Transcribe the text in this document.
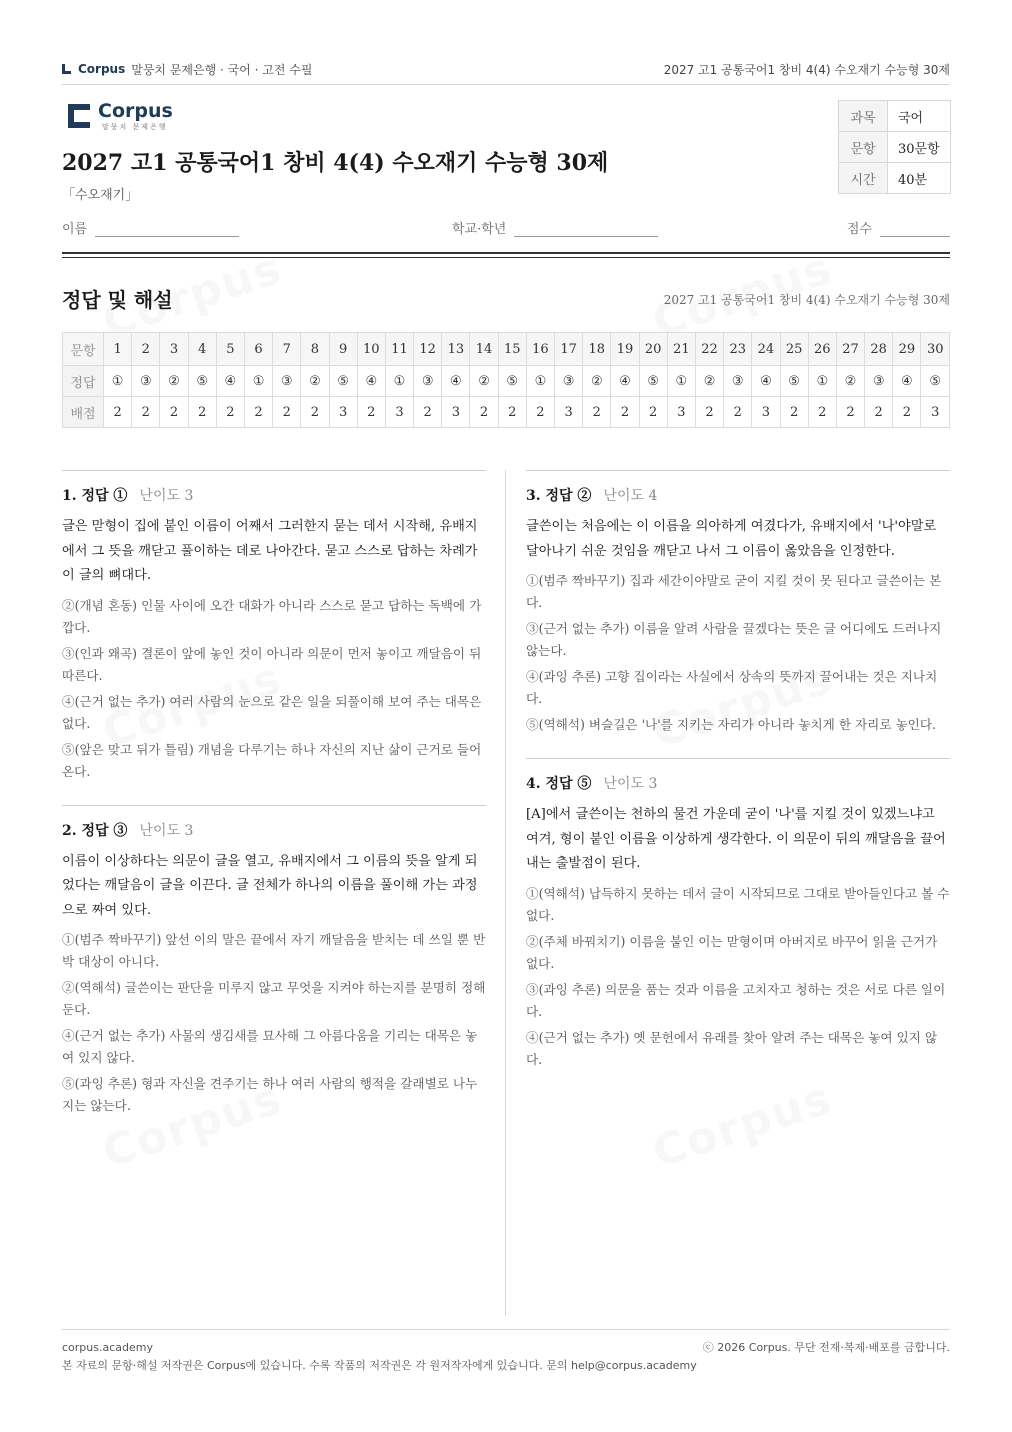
Corpus 말뭉치 문제은행 · 국어 · 고전 수필	2027 고1 공통국어1 창비 4(4) 수오재기 수능형 30제
Corpus
말뭉치 문제은행
과목	국어
문항	30문항
시간	40분
2027 고1 공통국어1 창비 4(4) 수오재기 수능형 30제
「수오재기」
이름	학교·학년	점수
정답 및 해설	2027 고1 공통국어1 창비 4(4) 수오재기 수능형 30제
문항	1	2	3	4	5	6	7	8	9	10	11	12	13	14	15	16	17	18	19	20	21	22	23	24	25	26	27	28	29	30
정답	①	③	②	⑤	④	①	③	②	⑤	④	①	③	④	②	⑤	①	③	②	④	⑤	①	②	③	④	⑤	①	②	③	④	⑤
배점	2	2	2	2	2	2	2	2	3	2	3	2	3	2	2	2	3	2	2	2	3	2	2	3	2	2	2	2	2	3
1. 정답 ① 난이도 3
글은 맏형이 집에 붙인 이름이 어째서 그러한지 묻는 데서 시작해, 유배지에서 그 뜻을 깨닫고 풀이하는 데로 나아간다. 묻고 스스로 답하는 차례가 이 글의 뼈대다.
②(개념 혼동) 인물 사이에 오간 대화가 아니라 스스로 묻고 답하는 독백에 가깝다.
③(인과 왜곡) 결론이 앞에 놓인 것이 아니라 의문이 먼저 놓이고 깨달음이 뒤따른다.
④(근거 없는 추가) 여러 사람의 눈으로 같은 일을 되풀이해 보여 주는 대목은 없다.
⑤(앞은 맞고 뒤가 틀림) 개념을 다루기는 하나 자신의 지난 삶이 근거로 들어온다.
2. 정답 ③ 난이도 3
이름이 이상하다는 의문이 글을 열고, 유배지에서 그 이름의 뜻을 알게 되었다는 깨달음이 글을 이끈다. 글 전체가 하나의 이름을 풀이해 가는 과정으로 짜여 있다.
①(범주 짝바꾸기) 앞선 이의 말은 끝에서 자기 깨달음을 받치는 데 쓰일 뿐 반박 대상이 아니다.
②(역해석) 글쓴이는 판단을 미루지 않고 무엇을 지켜야 하는지를 분명히 정해 둔다.
④(근거 없는 추가) 사물의 생김새를 묘사해 그 아름다움을 기리는 대목은 놓여 있지 않다.
⑤(과잉 추론) 형과 자신을 견주기는 하나 여러 사람의 행적을 갈래별로 나누지는 않는다.
3. 정답 ② 난이도 4
글쓴이는 처음에는 이 이름을 의아하게 여겼다가, 유배지에서 '나'야말로 달아나기 쉬운 것임을 깨닫고 나서 그 이름이 옳았음을 인정한다.
①(범주 짝바꾸기) 집과 세간이야말로 굳이 지킬 것이 못 된다고 글쓴이는 본다.
③(근거 없는 추가) 이름을 알려 사람을 끌겠다는 뜻은 글 어디에도 드러나지 않는다.
④(과잉 추론) 고향 집이라는 사실에서 상속의 뜻까지 끌어내는 것은 지나치다.
⑤(역해석) 벼슬길은 '나'를 지키는 자리가 아니라 놓치게 한 자리로 놓인다.
4. 정답 ⑤ 난이도 3
[A]에서 글쓴이는 천하의 물건 가운데 굳이 '나'를 지킬 것이 있겠느냐고 여겨, 형이 붙인 이름을 이상하게 생각한다. 이 의문이 뒤의 깨달음을 끌어내는 출발점이 된다.
①(역해석) 납득하지 못하는 데서 글이 시작되므로 그대로 받아들인다고 볼 수 없다.
②(주체 바꿔치기) 이름을 붙인 이는 맏형이며 아버지로 바꾸어 읽을 근거가 없다.
③(과잉 추론) 의문을 품는 것과 이름을 고치자고 청하는 것은 서로 다른 일이다.
④(근거 없는 추가) 옛 문헌에서 유래를 찾아 알려 주는 대목은 놓여 있지 않다.
corpus.academy	ⓒ 2026 Corpus. 무단 전재·복제·배포를 금합니다.
본 자료의 문항·해설 저작권은 Corpus에 있습니다. 수록 작품의 저작권은 각 원저작자에게 있습니다. 문의 help@corpus.academy
